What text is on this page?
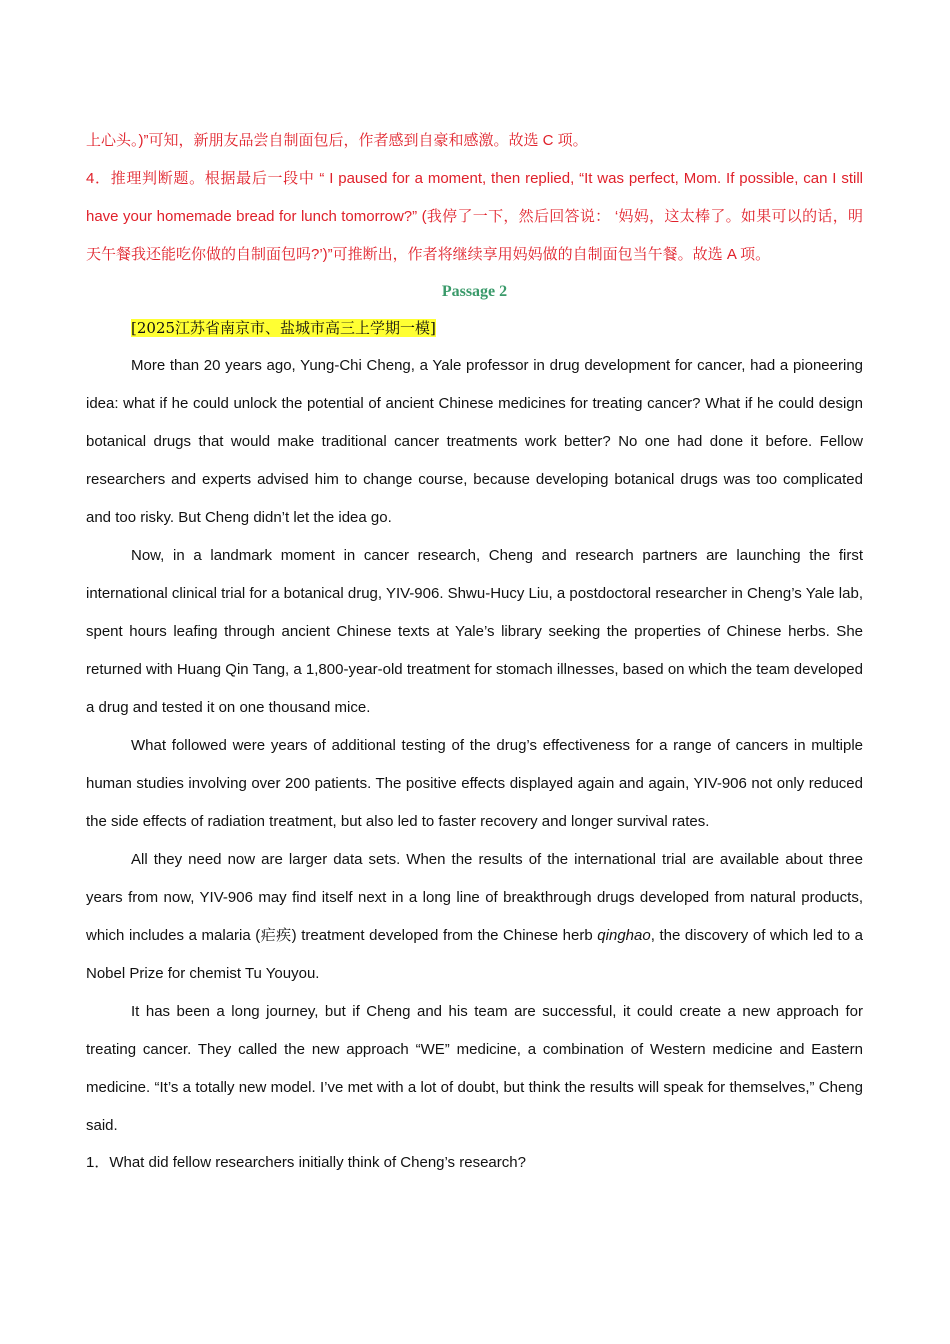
上心头。)”可知，新朋友品尝自制面包后，作者感到自豪和感激。故选 C 项。
4．推理判断题。根据最后一段中 “ I paused for a moment, then replied, “It was perfect, Mom. If possible, can I still have your homemade bread for lunch tomorrow?” (我停了一下，然后回答说： ‘妈妈，这太棒了。如果可以的话，明天午餐我还能吃你做的自制面包吗?’)”可推断出，作者将继续享用妈妈做的自制面包当午餐。故选 A 项。

Passage 2

[2025江苏省南京市、盐城市高三上学期一模]

More than 20 years ago, Yung-Chi Cheng, a Yale professor in drug development for cancer, had a pioneering idea: what if he could unlock the potential of ancient Chinese medicines for treating cancer? What if he could design botanical drugs that would make traditional cancer treatments work better? No one had done it before. Fellow researchers and experts advised him to change course, because developing botanical drugs was too complicated and too risky. But Cheng didn’t let the idea go.

Now, in a landmark moment in cancer research, Cheng and research partners are launching the first international clinical trial for a botanical drug, YIV-906. Shwu-Hucy Liu, a postdoctoral researcher in Cheng’s Yale lab, spent hours leafing through ancient Chinese texts at Yale’s library seeking the properties of Chinese herbs. She returned with Huang Qin Tang, a 1,800-year-old treatment for stomach illnesses, based on which the team developed a drug and tested it on one thousand mice.

What followed were years of additional testing of the drug’s effectiveness for a range of cancers in multiple human studies involving over 200 patients. The positive effects displayed again and again, YIV-906 not only reduced the side effects of radiation treatment, but also led to faster recovery and longer survival rates.

All they need now are larger data sets. When the results of the international trial are available about three years from now, YIV-906 may find itself next in a long line of breakthrough drugs developed from natural products, which includes a malaria (疟疾) treatment developed from the Chinese herb qinghao, the discovery of which led to a Nobel Prize for chemist Tu Youyou.

It has been a long journey, but if Cheng and his team are successful, it could create a new approach for treating cancer. They called the new approach “WE” medicine, a combination of Western medicine and Eastern medicine. “It’s a totally new model. I’ve met with a lot of doubt, but think the results will speak for themselves,” Cheng said.

1．What did fellow researchers initially think of Cheng’s research?
